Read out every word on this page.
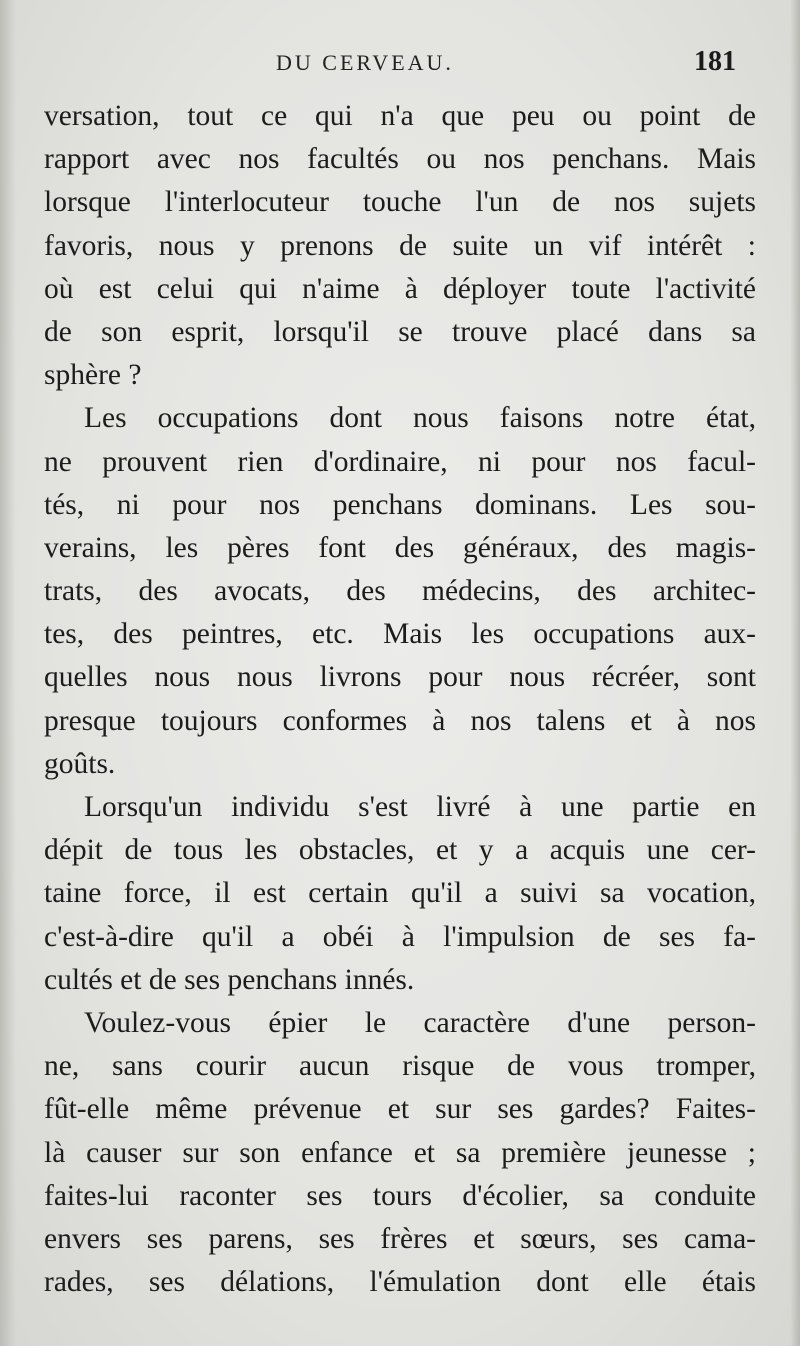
DU CERVEAU.	181
versation, tout ce qui n'a que peu ou point de
rapport avec nos facultés ou nos penchans. Mais
lorsque l'interlocuteur touche l'un de nos sujets
favoris, nous y prenons de suite un vif intérêt :
où est celui qui n'aime à déployer toute l'activité
de son esprit, lorsqu'il se trouve placé dans sa
sphère ?
Les occupations dont nous faisons notre état,
ne prouvent rien d'ordinaire, ni pour nos facul-
tés, ni pour nos penchans dominans. Les sou-
verains, les pères font des généraux, des magis-
trats, des avocats, des médecins, des architec-
tes, des peintres, etc. Mais les occupations aux-
quelles nous nous livrons pour nous récréer, sont
presque toujours conformes à nos talens et à nos
goûts.
Lorsqu'un individu s'est livré à une partie en
dépit de tous les obstacles, et y a acquis une cer-
taine force, il est certain qu'il a suivi sa vocation,
c'est-à-dire qu'il a obéi à l'impulsion de ses fa-
cultés et de ses penchans innés.
Voulez-vous épier le caractère d'une person-
ne, sans courir aucun risque de vous tromper,
fût-elle même prévenue et sur ses gardes? Faites-
là causer sur son enfance et sa première jeunesse ;
faites-lui raconter ses tours d'écolier, sa conduite
envers ses parens, ses frères et sœurs, ses cama-
rades, ses délations, l'émulation dont elle étais
